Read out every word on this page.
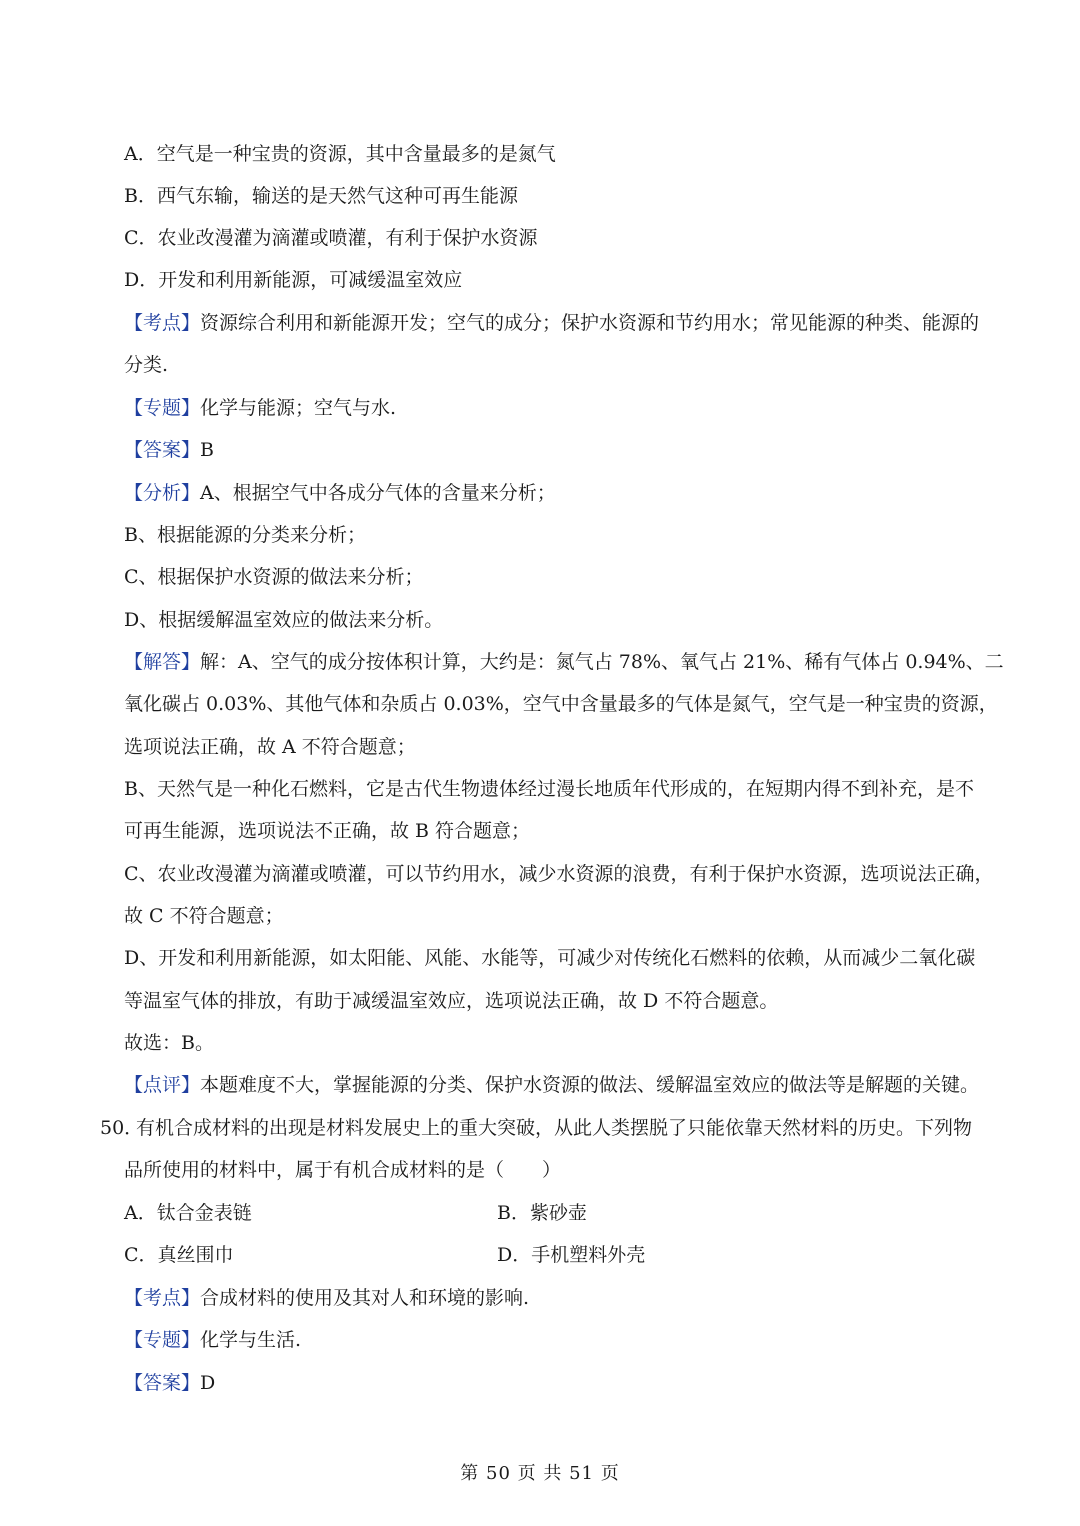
A．空气是一种宝贵的资源，其中含量最多的是氮气
B．西气东输，输送的是天然气这种可再生能源
C．农业改漫灌为滴灌或喷灌，有利于保护水资源
D．开发和利用新能源，可减缓温室效应
【考点】资源综合利用和新能源开发；空气的成分；保护水资源和节约用水；常见能源的种类、能源的
分类.
【专题】化学与能源；空气与水.
【答案】B
【分析】A、根据空气中各成分气体的含量来分析；
B、根据能源的分类来分析；
C、根据保护水资源的做法来分析；
D、根据缓解温室效应的做法来分析。
【解答】解：A、空气的成分按体积计算，大约是：氮气占 78%、氧气占 21%、稀有气体占 0.94%、二
氧化碳占 0.03%、其他气体和杂质占 0.03%，空气中含量最多的气体是氮气，空气是一种宝贵的资源，
选项说法正确，故 A 不符合题意；
B、天然气是一种化石燃料，它是古代生物遗体经过漫长地质年代形成的，在短期内得不到补充，是不
可再生能源，选项说法不正确，故 B 符合题意；
C、农业改漫灌为滴灌或喷灌，可以节约用水，减少水资源的浪费，有利于保护水资源，选项说法正确，
故 C 不符合题意；
D、开发和利用新能源，如太阳能、风能、水能等，可减少对传统化石燃料的依赖，从而减少二氧化碳
等温室气体的排放，有助于减缓温室效应，选项说法正确，故 D 不符合题意。
故选：B。
【点评】本题难度不大，掌握能源的分类、保护水资源的做法、缓解温室效应的做法等是解题的关键。
50．
有机合成材料的出现是材料发展史上的重大突破，从此人类摆脱了只能依靠天然材料的历史。下列物
品所使用的材料中，属于有机合成材料的是（　　）
A．钛合金表链	B．紫砂壶
C．真丝围巾	D．手机塑料外壳
【考点】合成材料的使用及其对人和环境的影响.
【专题】化学与生活.
【答案】D
第 50 页 共 51 页
